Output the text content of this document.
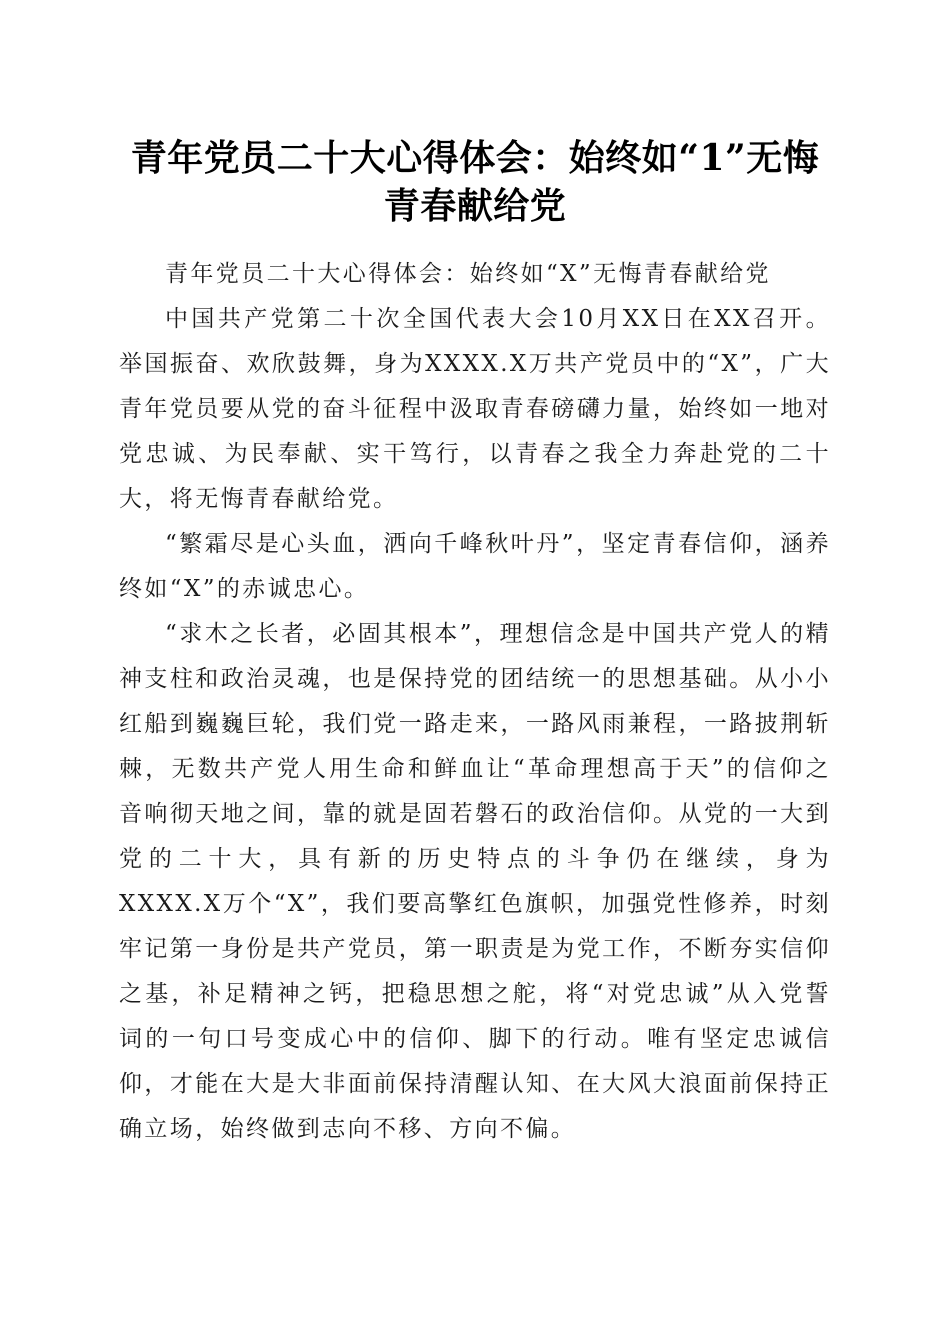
青年党员二十大心得体会：始终如“1”无悔青春献给党

青年党员二十大心得体会：始终如“X”无悔青春献给党

中国共产党第二十次全国代表大会10月XX日在XX召开。举国振奋、欢欣鼓舞，身为XXXX.X万共产党员中的“X”，广大青年党员要从党的奋斗征程中汲取青春磅礴力量，始终如一地对党忠诚、为民奉献、实干笃行，以青春之我全力奔赴党的二十大，将无悔青春献给党。

“繁霜尽是心头血，洒向千峰秋叶丹”，坚定青春信仰，涵养终如“X”的赤诚忠心。

“求木之长者，必固其根本”，理想信念是中国共产党人的精神支柱和政治灵魂，也是保持党的团结统一的思想基础。从小小红船到巍巍巨轮，我们党一路走来，一路风雨兼程，一路披荆斩棘，无数共产党人用生命和鲜血让“革命理想高于天”的信仰之音响彻天地之间，靠的就是固若磐石的政治信仰。从党的一大到党的二十大，具有新的历史特点的斗争仍在继续，身为XXXX.X万个“X”，我们要高擎红色旗帜，加强党性修养，时刻牢记第一身份是共产党员，第一职责是为党工作，不断夯实信仰之基，补足精神之钙，把稳思想之舵，将“对党忠诚”从入党誓词的一句口号变成心中的信仰、脚下的行动。唯有坚定忠诚信仰，才能在大是大非面前保持清醒认知、在大风大浪面前保持正确立场，始终做到志向不移、方向不偏。
